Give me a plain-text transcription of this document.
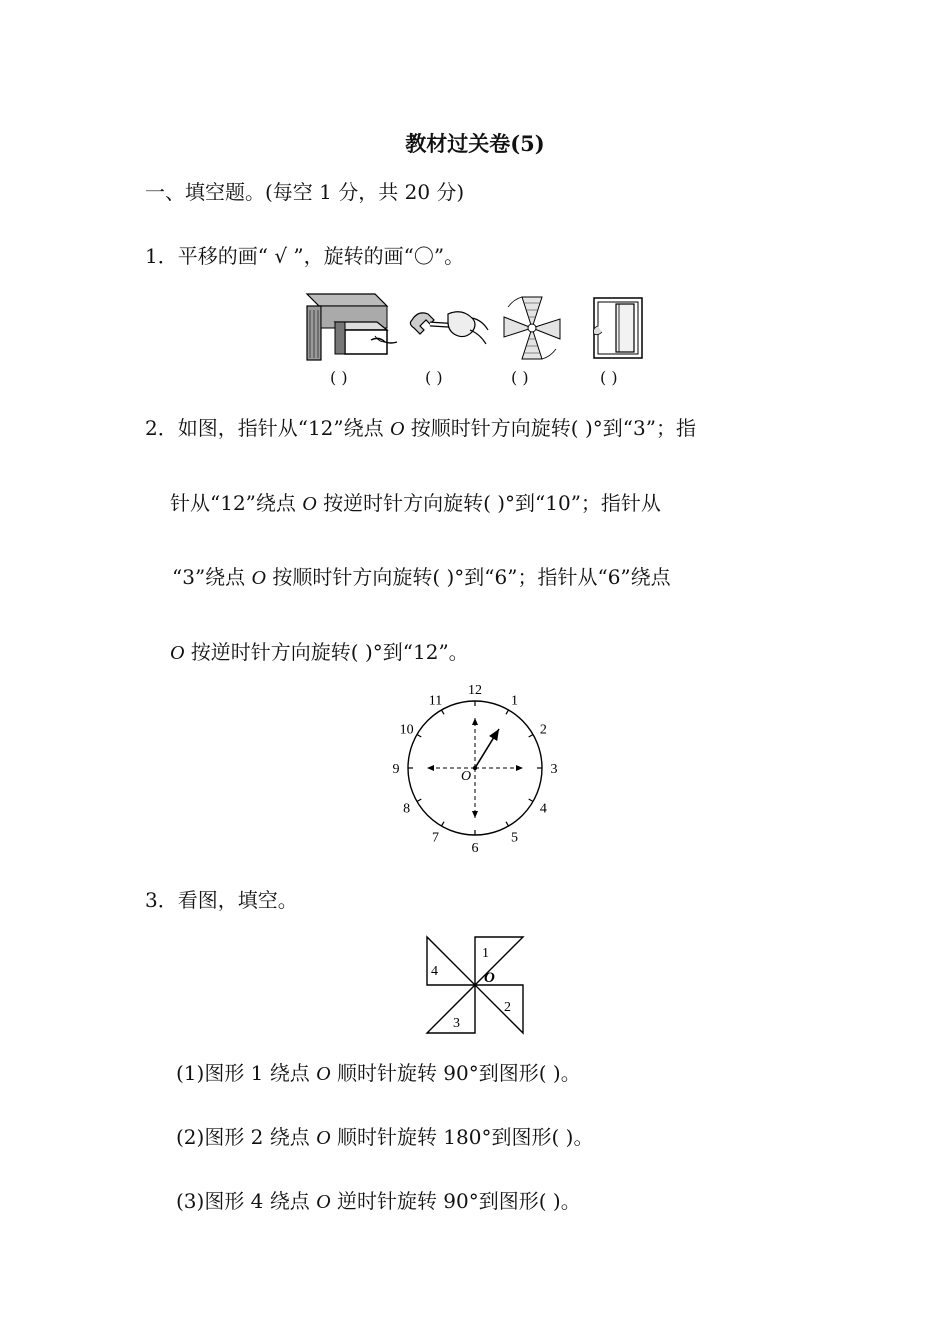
教材过关卷(5)
一、填空题。(每空 1 分，共 20 分)
1．平移的画“ √ ”，旋转的画“〇”。
( )	( )	( )	( )
2．如图，指针从“12”绕点 O 按顺时针方向旋转( )°到“3”；指
针从“12”绕点 O 按逆时针方向旋转( )°到“10”；指针从
“3”绕点 O 按顺时针方向旋转( )°到“6”；指针从“6”绕点
O 按逆时针方向旋转( )°到“12”。
O
12
1
2
3
4
5
6
7
8
9
10
11
3．看图，填空。
1
2
3
4	O
(1)图形 1 绕点 O 顺时针旋转 90°到图形( )。
(2)图形 2 绕点 O 顺时针旋转 180°到图形( )。
(3)图形 4 绕点 O 逆时针旋转 90°到图形( )。
